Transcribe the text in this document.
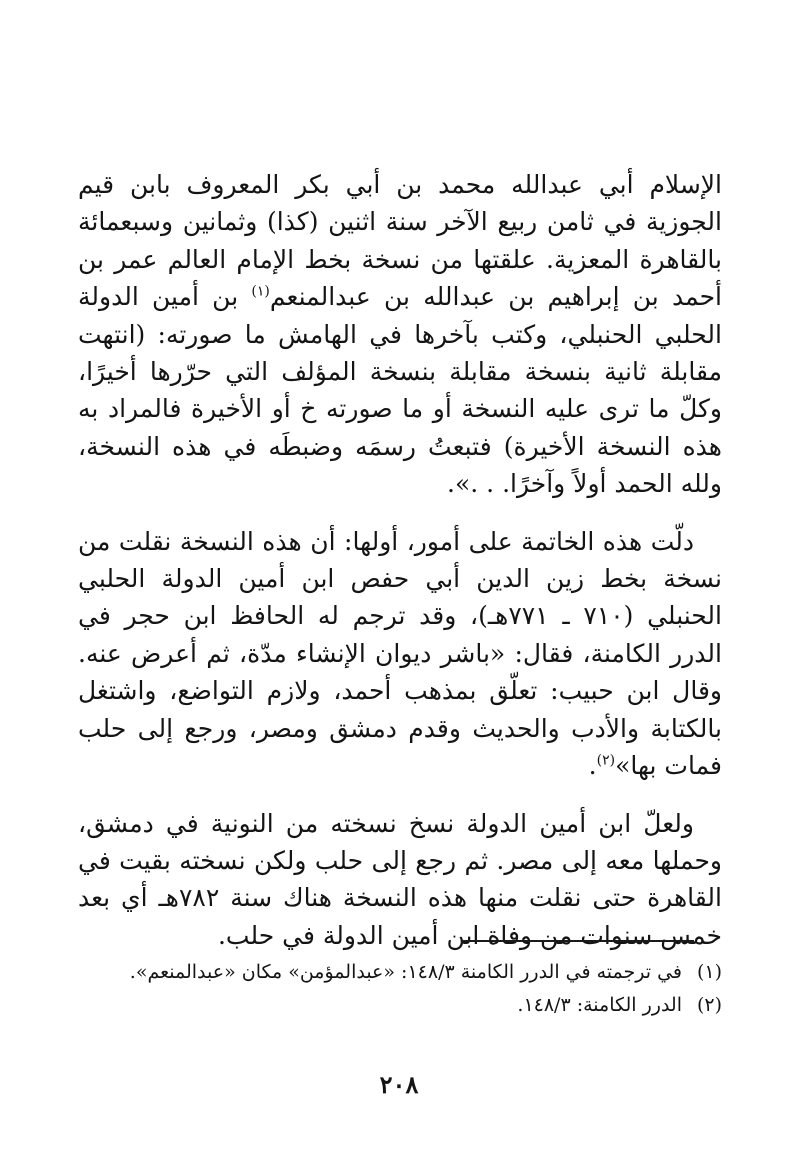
الإسلام أبي عبدالله محمد بن أبي بكر المعروف بابن قيم الجوزية في ثامن ربيع الآخر سنة اثنين (كذا) وثمانين وسبعمائة بالقاهرة المعزية. علقتها من نسخة بخط الإمام العالم عمر بن أحمد بن إبراهيم بن عبدالله بن عبدالمنعم$^{(١)}$ بن أمين الدولة الحلبي الحنبلي، وكتب بآخرها في الهامش ما صورته: (انتهت مقابلة ثانية بنسخة مقابلة بنسخة المؤلف التي حرّرها أخيرًا، وكلّ ما ترى عليه النسخة أو ما صورته خ أو الأخيرة فالمراد به هذه النسخة الأخيرة) فتبعتُ رسمَه وضبطَه في هذه النسخة، ولله الحمد أولاً وآخرًا. . .».

دلّت هذه الخاتمة على أمور، أولها: أن هذه النسخة نقلت من نسخة بخط زين الدين أبي حفص ابن أمين الدولة الحلبي الحنبلي (٧١٠ ـ ٧٧١هـ)، وقد ترجم له الحافظ ابن حجر في الدرر الكامنة، فقال: «باشر ديوان الإنشاء مدّة، ثم أعرض عنه. وقال ابن حبيب: تعلّق بمذهب أحمد، ولازم التواضع، واشتغل بالكتابة والأدب والحديث وقدم دمشق ومصر، ورجع إلى حلب فمات بها»$^{(٢)}$.

ولعلّ ابن أمين الدولة نسخ نسخته من النونية في دمشق، وحملها معه إلى مصر. ثم رجع إلى حلب ولكن نسخته بقيت في القاهرة حتى نقلت منها هذه النسخة هناك سنة ٧٨٢هـ أي بعد خمس سنوات من وفاة ابن أمين الدولة في حلب.

(١)
في ترجمته في الدرر الكامنة ١٤٨/٣: «عبدالمؤمن» مكان «عبدالمنعم».
(٢)
الدرر الكامنة: ١٤٨/٣.
٢٠٨
